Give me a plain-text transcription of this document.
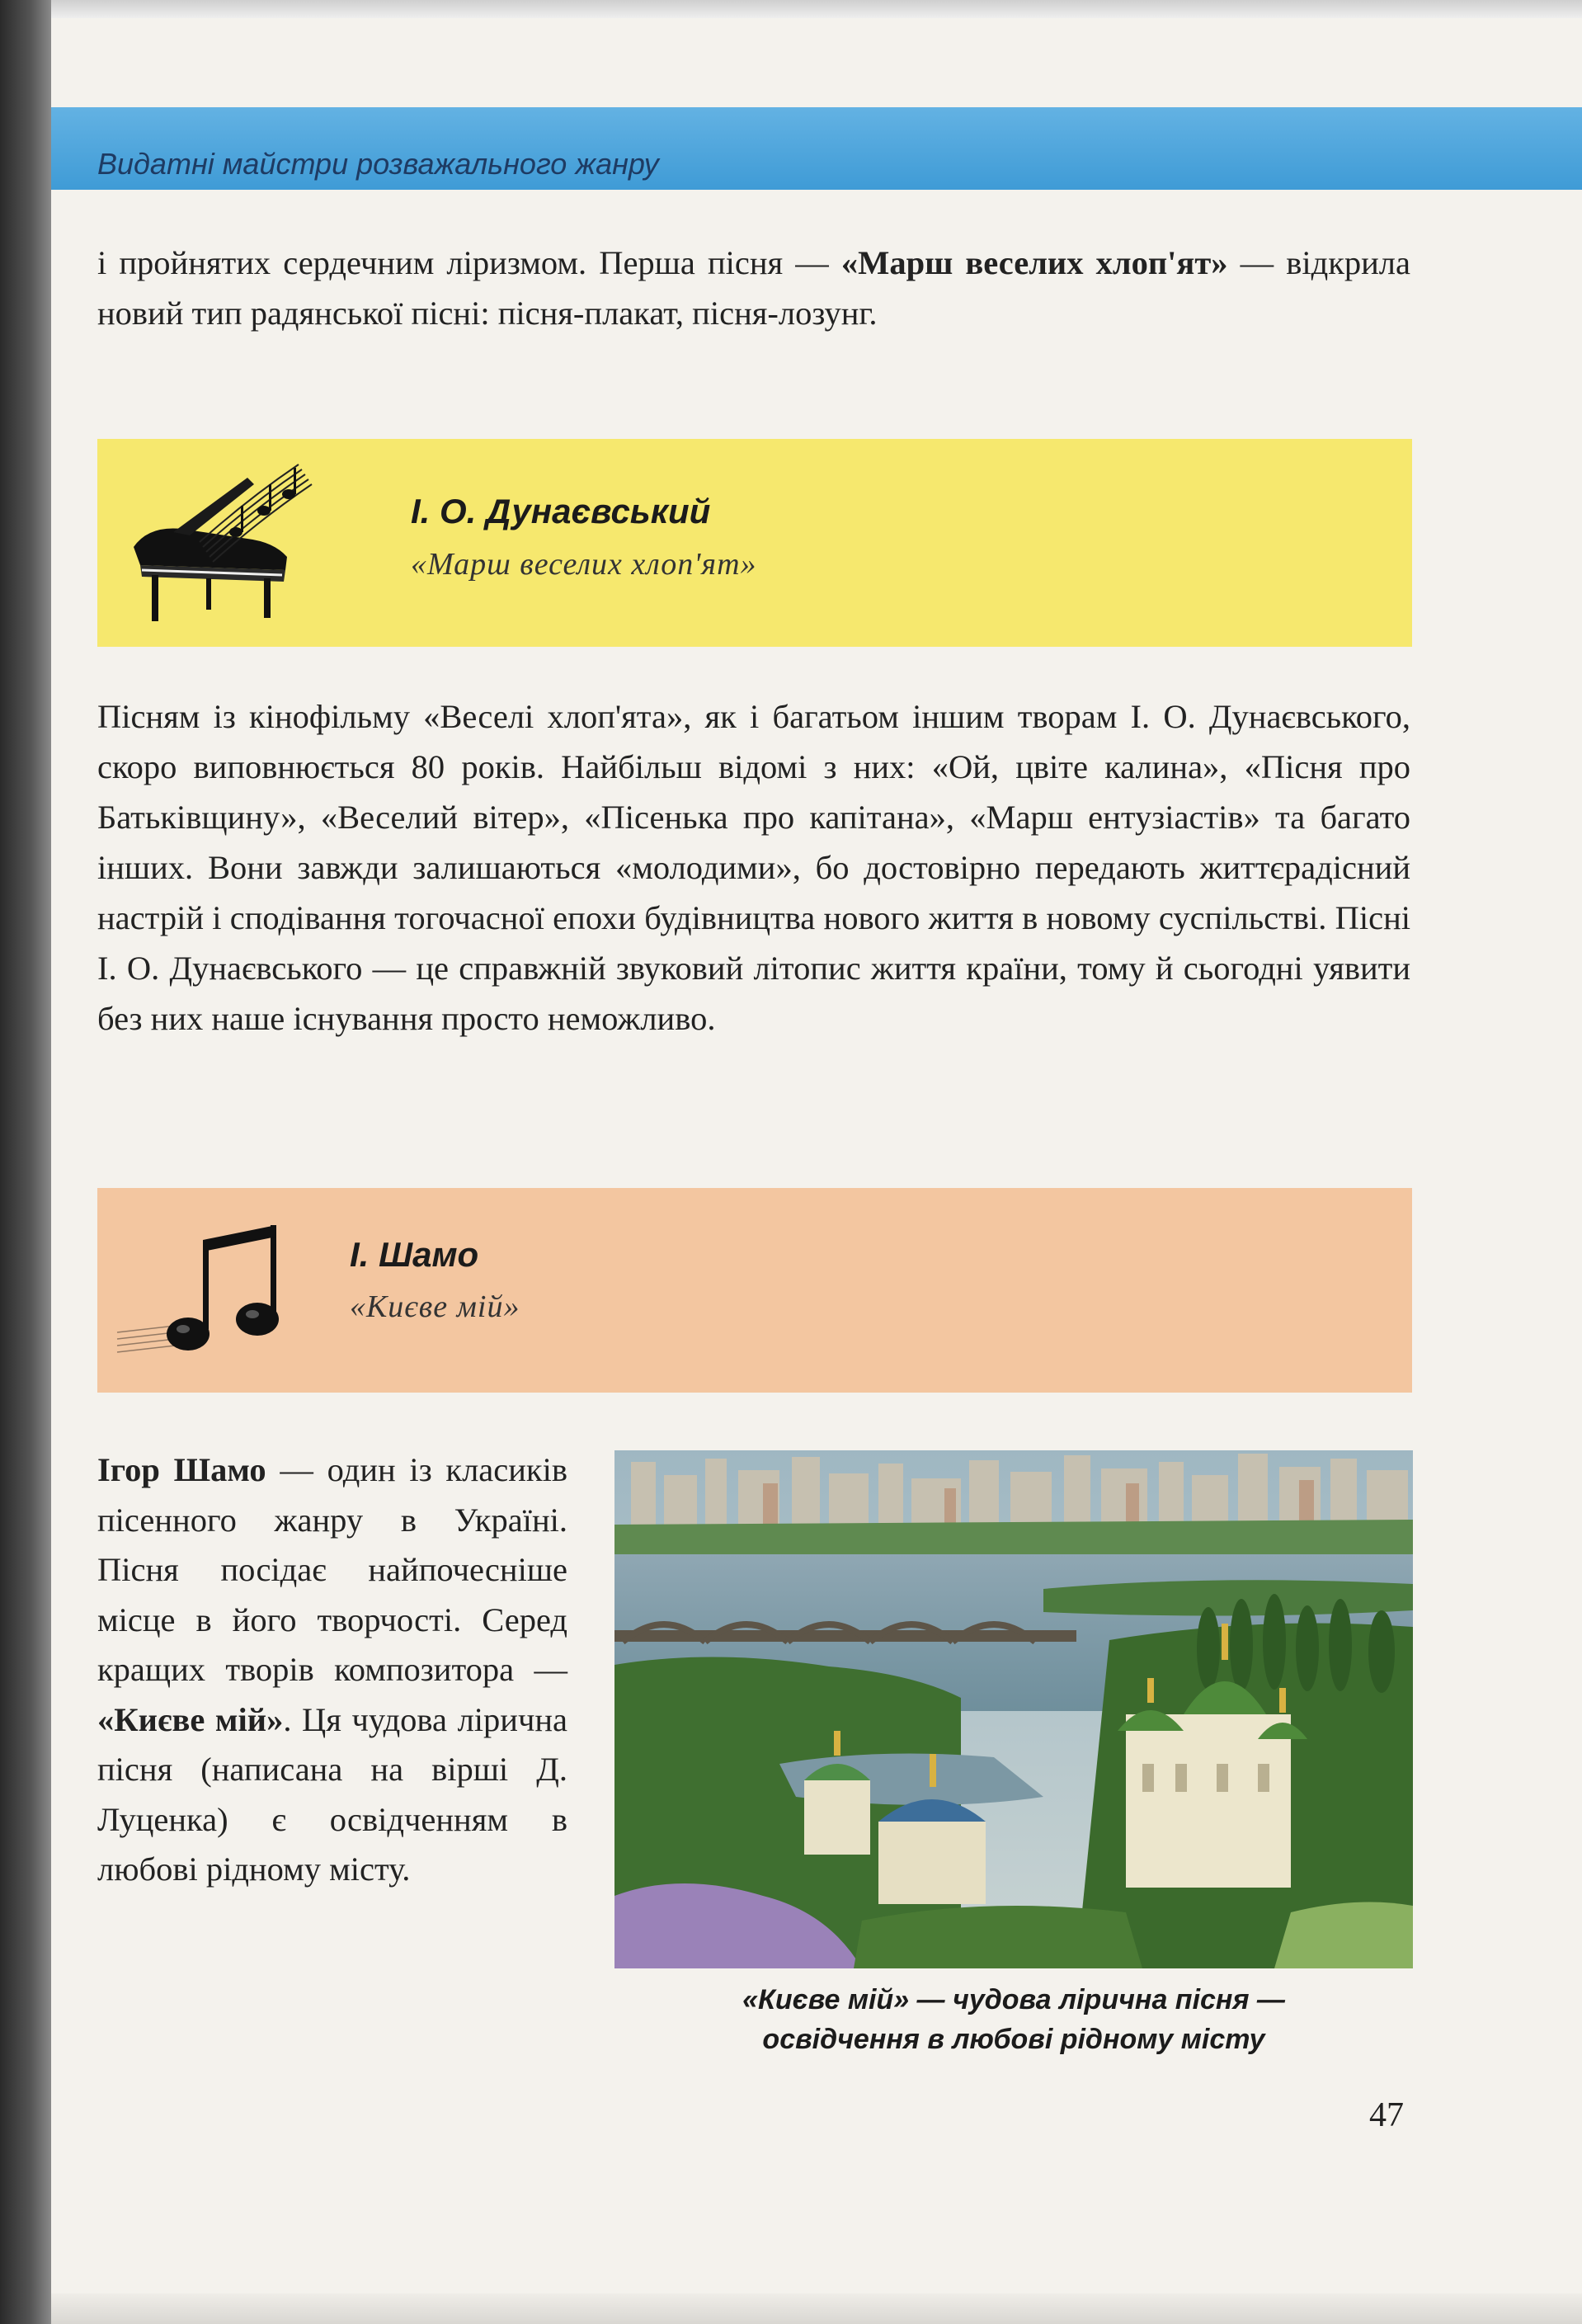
Видатні майстри розважального жанру

і пройнятих сердечним ліризмом. Перша пісня — «Марш веселих хлоп'ят» — відкрила новий тип радянської пісні: пісня-плакат, пісня-лозунг.

І. О. Дунаєвський
«Марш веселих хлоп'ят»

Пісням із кінофільму «Веселі хлоп'ята», як і багатьом іншим творам І. О. Дунаєвського, скоро виповнюється 80 років. Найбільш відомі з них: «Ой, цвіте калина», «Пісня про Батьківщину», «Веселий вітер», «Пісенька про капітана», «Марш ентузіастів» та багато інших. Вони завжди залишаються «молодими», бо достовірно передають життєрадісний настрій і сподівання тогочасної епохи будівництва нового життя в новому суспільстві. Пісні І. О. Дунаєвського — це справжній звуковий літопис життя країни, тому й сьогодні уявити без них наше існування просто неможливо.

І. Шамо
«Києве мій»

Ігор Шамо — один із класиків пісенного жанру в Україні. Пісня посідає найпочесніше місце в його творчості. Серед кращих творів композитора — «Києве мій». Ця чудова лірична пісня (написана на вірші Д. Луценка) є освідченням в любові рідному місту.

«Києве мій» — чудова лірична пісня —
освідчення в любові рідному місту
47
